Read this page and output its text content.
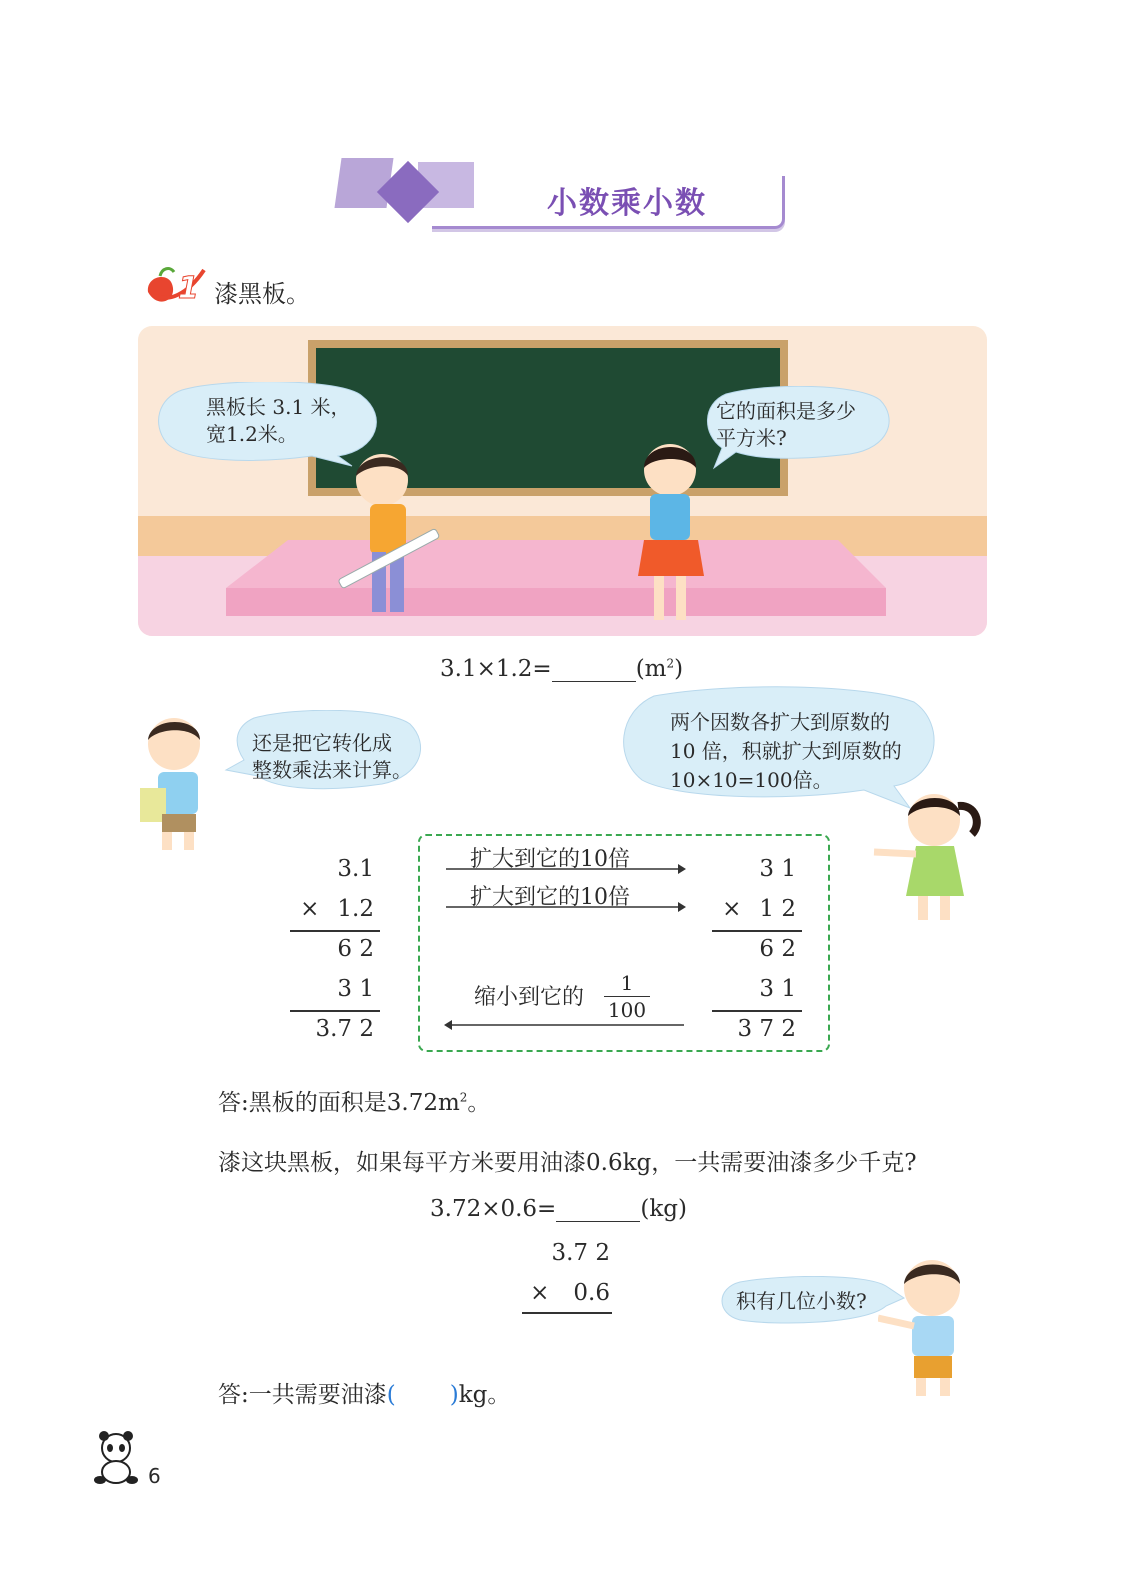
小数乘小数
1 漆黑板。
黑板长 3.1 米，
宽1.2米。
它的面积是多少
平方米?
3.1×1.2=	$(m^2)$
还是把它转化成
整数乘法来计算。
两个因数各扩大到原数的
10 倍，积就扩大到原数的
10×10=100倍。
3.1
× 1.2
6 2
3 1
3.7 2
扩大到它的10倍
扩大到它的10倍
缩小到它的
1
100
3 1
× 1 2
6 2
3 1
3 7 2
答:黑板的面积是$3.72m^2$。
漆这块黑板，如果每平方米要用油漆0.6kg，一共需要油漆多少千克?
3.72×0.6=	(kg)
3.7 2
× 0.6	积有几位小数?
答:一共需要油漆( )kg。
6
